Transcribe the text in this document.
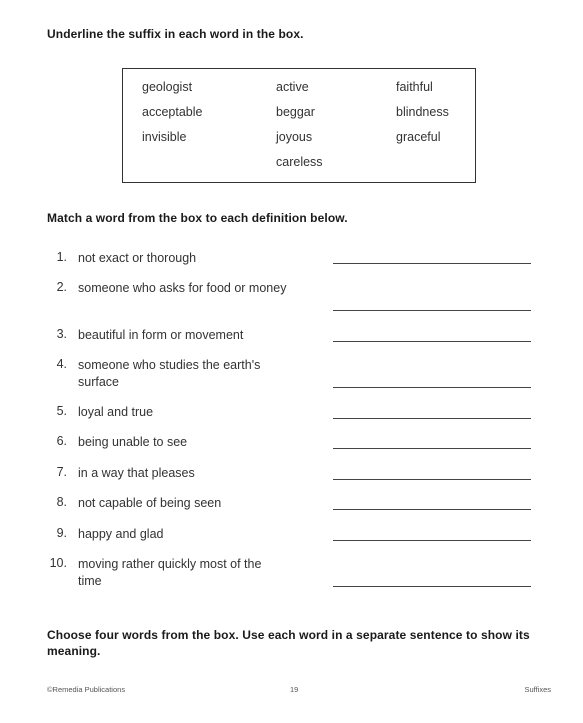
Underline the suffix in each word in the box.
geologist
acceptable
invisible
active
beggar
joyous
careless
faithful
blindness
graceful
Match a word from the box to each definition below.
1. not exact or thorough
2. someone who asks for food or money
3. beautiful in form or movement
4. someone who studies the earth's surface
5. loyal and true
6. being unable to see
7. in a way that pleases
8. not capable of being seen
9. happy and glad
10. moving rather quickly most of the time
Choose four words from the box. Use each word in a separate sentence to show its meaning.
©Remedia Publications	19	Suffixes
